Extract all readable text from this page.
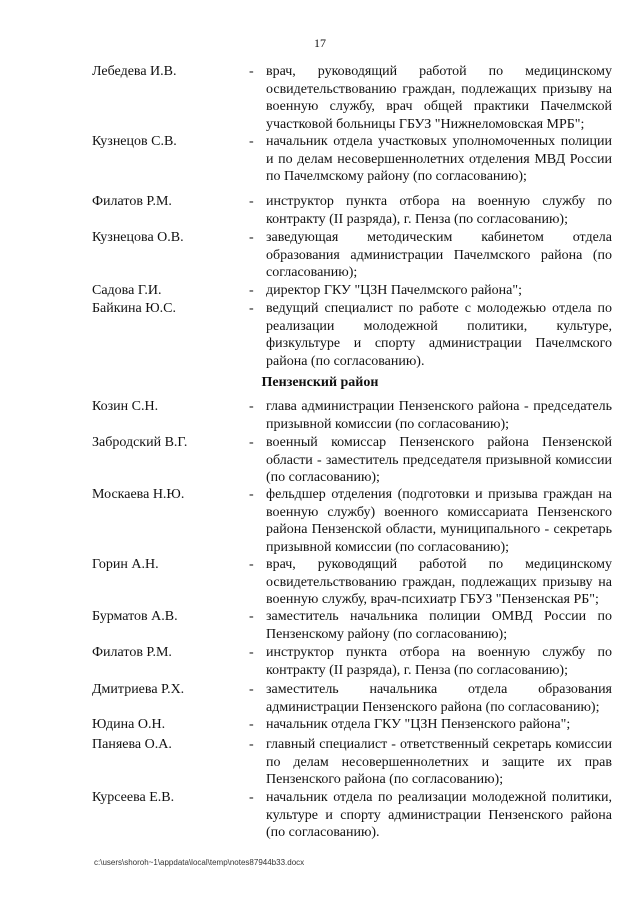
17
Лебедева И.В.	- врач, руководящий работой по медицинскому освидетельствованию граждан, подлежащих призыву на военную службу, врач общей практики Пачелмской участковой больницы ГБУЗ "Нижнеломовская МРБ";
Кузнецов С.В.	- начальник отдела участковых уполномоченных полиции и по делам несовершеннолетних отделения МВД России по Пачелмскому району (по согласованию);
Филатов Р.М.	- инструктор пункта отбора на военную службу по контракту (II разряда), г. Пенза (по согласованию);
Кузнецова О.В.	- заведующая методическим кабинетом отдела образования администрации Пачелмского района (по согласованию);
Садова Г.И.	- директор ГКУ "ЦЗН Пачелмского района";
Байкина Ю.С.	- ведущий специалист по работе с молодежью отдела по реализации молодежной политики, культуре, физкультуре и спорту администрации Пачелмского района (по согласованию).
Пензенский район
Козин С.Н.	- глава администрации Пензенского района - председатель призывной комиссии (по согласованию);
Забродский В.Г.	- военный комиссар Пензенского района Пензенской области - заместитель председателя призывной комиссии (по согласованию);
Москаева Н.Ю.	- фельдшер отделения (подготовки и призыва граждан на военную службу) военного комиссариата Пензенского района Пензенской области, муниципального - секретарь призывной комиссии (по согласованию);
Горин А.Н.	- врач, руководящий работой по медицинскому освидетельствованию граждан, подлежащих призыву на военную службу, врач-психиатр ГБУЗ "Пензенская РБ";
Бурматов А.В.	- заместитель начальника полиции ОМВД России по Пензенскому району (по согласованию);
Филатов Р.М.	- инструктор пункта отбора на военную службу по контракту (II разряда), г. Пенза (по согласованию);
Дмитриева Р.Х.	- заместитель начальника отдела образования администрации Пензенского района (по согласованию);
Юдина О.Н.	- начальник отдела ГКУ "ЦЗН Пензенского района";
Паняева О.А.	- главный специалист - ответственный секретарь комиссии по делам несовершеннолетних и защите их прав Пензенского района (по согласованию);
Курсеева Е.В.	- начальник отдела по реализации молодежной политики, культуре и спорту администрации Пензенского района (по согласованию).
c:\users\shoroh~1\appdata\local\temp\notes87944b33.docx
